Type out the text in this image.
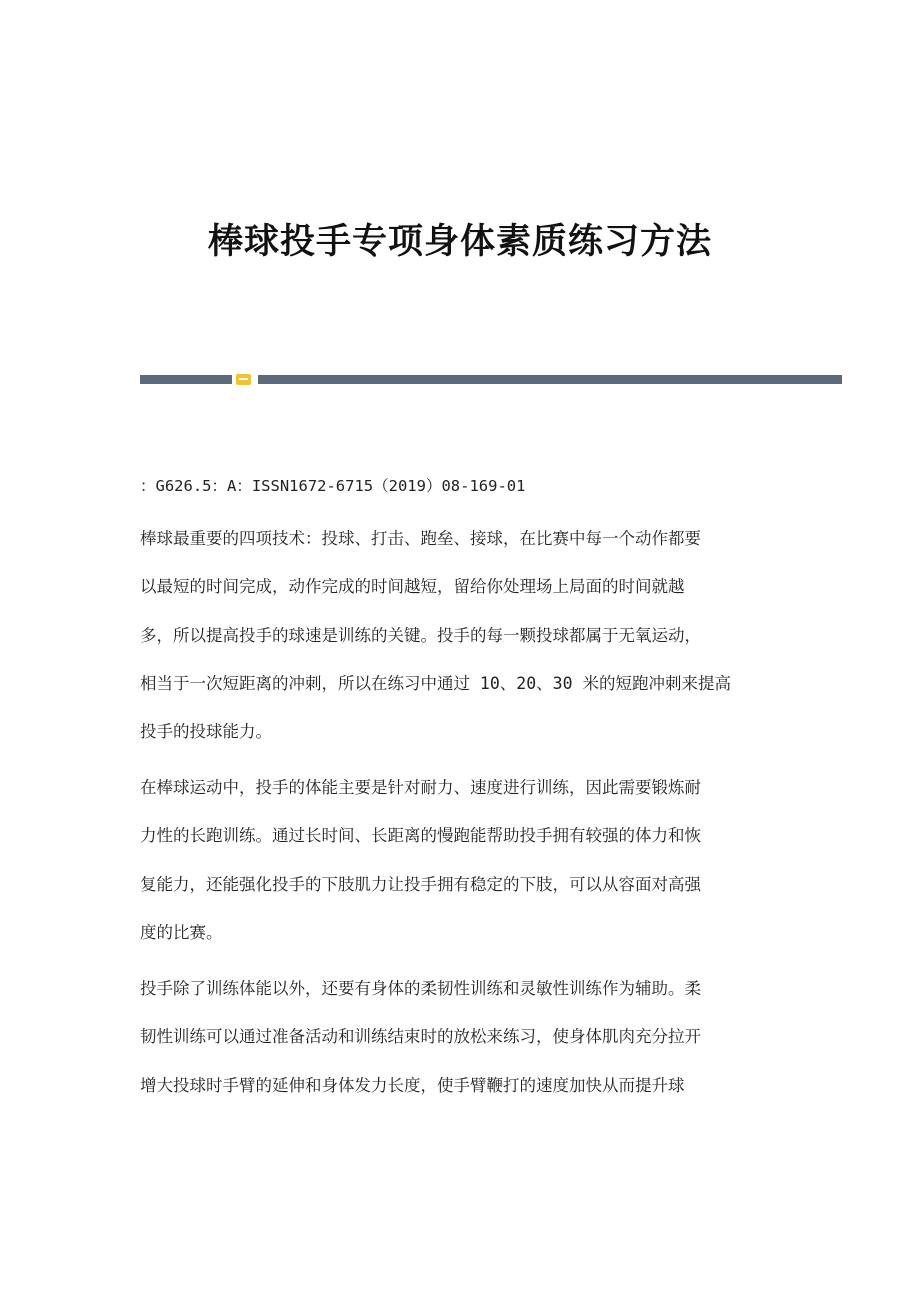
棒球投手专项身体素质练习方法

：G626.5：A：ISSN1672-6715（2019）08-169-01

棒球最重要的四项技术：投球、打击、跑垒、接球，在比赛中每一个动作都要
以最短的时间完成，动作完成的时间越短，留给你处理场上局面的时间就越
多，所以提高投手的球速是训练的关键。投手的每一颗投球都属于无氧运动，
相当于一次短距离的冲刺，所以在练习中通过 10、20、30 米的短跑冲刺来提高
投手的投球能力。
在棒球运动中，投手的体能主要是针对耐力、速度进行训练，因此需要锻炼耐
力性的长跑训练。通过长时间、长距离的慢跑能帮助投手拥有较强的体力和恢
复能力，还能强化投手的下肢肌力让投手拥有稳定的下肢，可以从容面对高强
度的比赛。
投手除了训练体能以外，还要有身体的柔韧性训练和灵敏性训练作为辅助。柔
韧性训练可以通过准备活动和训练结束时的放松来练习，使身体肌肉充分拉开
增大投球时手臂的延伸和身体发力长度，使手臂鞭打的速度加快从而提升球
